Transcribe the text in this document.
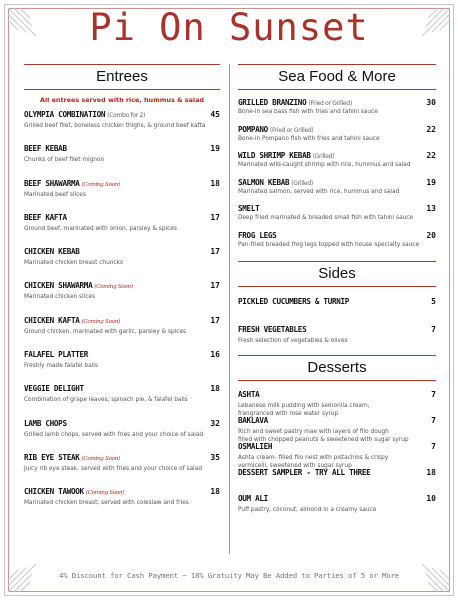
Pi On Sunset
Entrees
All entrees served with rice, hummus & salad
OLYMPIA COMBINATION (Combo for 2)	45
Grilled beef filet, boneless chicken thighs, & ground beef kafta
BEEF KEBAB	19
Chunks of beef filet mignon
BEEF SHAWARMA (Coming Soon)	18
Marinated beef slices
BEEF KAFTA	17
Ground beef, marinated with onion, parsley & spices
CHICKEN KEBAB	17
Marinated chicken breast chuncks
CHICKEN SHAWARMA (Coming Soon)	17
Marinated chicken slices
CHICKEN KAFTA (Coming Soon)	17
Ground chicken, marinated with garlic, parsley & spices
FALAFEL PLATTER	16
Freshly made falafel balls
VEGGIE DELIGHT	18
Combination of grape leaves, spinach pie, & falafel balls
LAMB CHOPS	32
Grilled lamb chops, served with fries and your choice of salad
RIB EYE STEAK (Coming Soon)	35
Juicy rib eye steak, served with fries and your choice of salad
CHICKEN TAWOOK (Coming Soon)	18
Marinated chicken breast, served with coleslaw and fries
Sea Food & More
GRILLED BRANZINO (Fried or Grilled)	30
Bone-in sea bass fish with fries and tahini sauce
POMPANO (Fried or Grilled)	22
Bone-in Pompano fish with fries and tahini sauce
WILD SHRIMP KEBAB (Grilled)	22
Marinated wild-caught shrimp with rice, hummus and salad
SALMON KEBAB (Grilled)	19
Marinated salmon, served with rice, hummus and salad
SMELT	13
Deep fried marinated & breaded small fish with tahini sauce
FROG LEGS	20
Pan-fried breaded frog legs topped with house specialty sauce
Sides
PICKLED CUCUMBERS & TURNIP	5
FRESH VEGETABLES	7
Fresh selection of vegetables & olives
Desserts
ASHTA	7
Lebanese milk pudding with semonila cream,
frangranced with rose water syrup
BAKLAVA	7
Rich and sweet pastry mae with layers of filo dough
filled with chopped peanuts & sweetened with sugar syrup
OSMALIEH	7
Ashta cream- filled filo nest with pistachios & crispy
vermicelli, sweetened with sugar syrup
DESSERT SAMPLER - TRY ALL THREE	18
OUM ALI	10
Puff pastry, coconut, almond in a creamy sauce
4% Discount for Cash Payment ~ 18% Gratuity May Be Added to Parties of 5 or More
